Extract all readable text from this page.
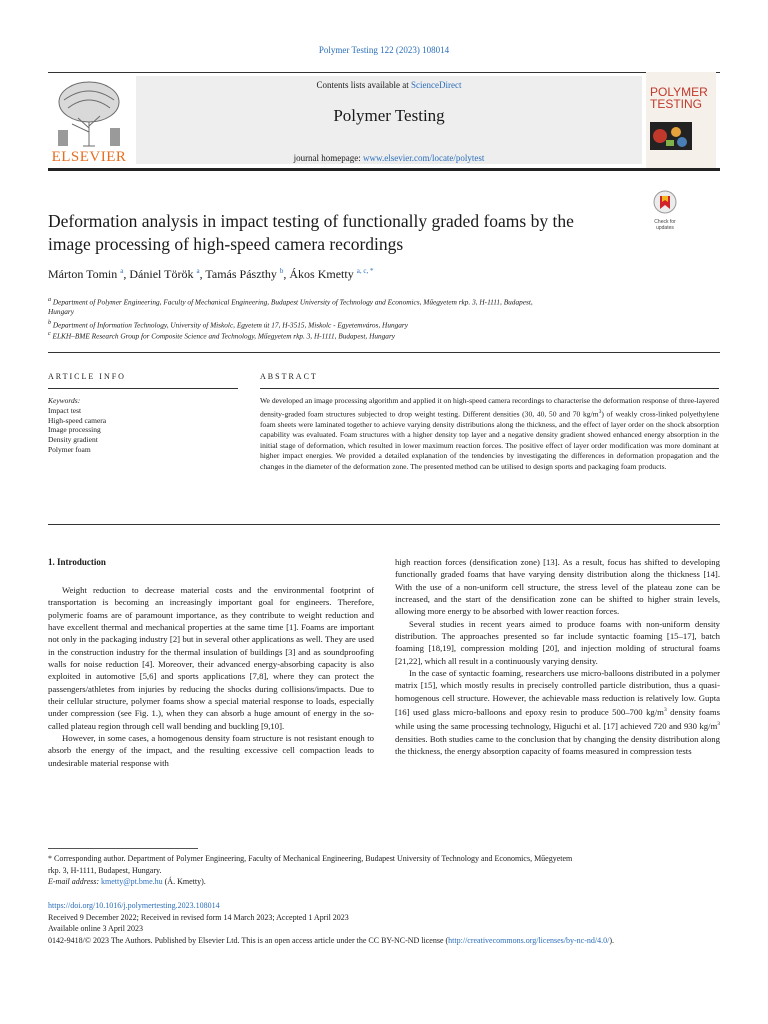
Polymer Testing 122 (2023) 108014
ELSEVIER
Contents lists available at ScienceDirect
Polymer Testing
journal homepage: www.elsevier.com/locate/polytest
POLYMER
TESTING
Deformation analysis in impact testing of functionally graded foams by the
image processing of high-speed camera recordings
Check for
updates
Márton Tomin $^a$, Dániel Török $^a$, Tamás Pászthy $^b$, Ákos Kmetty $^{a, c, *}$
$^a$ Department of Polymer Engineering, Faculty of Mechanical Engineering, Budapest University of Technology and Economics, Műegyetem rkp. 3, H-1111, Budapest,
Hungary
$^b$ Department of Information Technology, University of Miskolc, Egyetem út 17, H-3515, Miskolc - Egyetemváros, Hungary
$^c$ ELKH–BME Research Group for Composite Science and Technology, Műegyetem rkp. 3, H-1111, Budapest, Hungary
ARTICLE INFO	ABSTRACT
Keywords:
Impact test
High-speed camera
Image processing
Density gradient
Polymer foam
We developed an image processing algorithm and applied it on high-speed camera recordings to characterise the deformation response of three-layered density-graded foam structures subjected to drop weight testing. Different densities (30, 40, 50 and 70 $kg/m^3$) of weakly cross-linked polyethylene foam sheets were laminated together to achieve varying density distributions along the thickness, and the effect of layer order on the shock absorption capability was evaluated. Foam structures with a higher density top layer and a negative density gradient showed enhanced energy absorption in the initial stage of deformation, which resulted in lower maximum reaction forces. The positive effect of layer order modification was more dominant at higher impact energies. We provided a detailed explanation of the tendencies by investigating the differences in deformation propagation and the changes in the diameter of the deformation zone. The presented method can be utilised to design sports and packaging foam products.
1. Introduction

Weight reduction to decrease material costs and the environmental footprint of transportation is becoming an increasingly important goal for engineers. Therefore, polymeric foams are of paramount importance, as they contribute to weight reduction and have excellent thermal and mechanical properties at the same time [1]. Foams are important not only in the packaging industry [2] but in several other applications as well. They are used in the construction industry for the thermal insulation of buildings [3] and as soundproofing walls for noise reduction [4]. Moreover, their advanced energy-absorbing capacity is also exploited in automotive [5,6] and sports applications [7,8], where they can protect the passengers/athletes from injuries by reducing the shocks during collisions/impacts. Due to their cellular structure, polymer foams show a special material response to loads, especially under compression (see Fig. 1.), when they can absorb a huge amount of energy in the so-called plateau region through cell wall bending and buckling [9,10].

However, in some cases, a homogenous density foam structure is not resistant enough to absorb the energy of the impact, and the resulting excessive cell compaction leads to undesirable material response with

high reaction forces (densification zone) [13]. As a result, focus has shifted to developing functionally graded foams that have varying density distribution along the thickness [14]. With the use of a non-uniform cell structure, the stress level of the plateau zone can be increased, and the start of the densification zone can be shifted to higher strain levels, allowing more energy to be absorbed with lower reaction forces.

Several studies in recent years aimed to produce foams with non-uniform density distribution. The approaches presented so far include syntactic foaming [15–17], batch foaming [18,19], compression molding [20], and injection molding of structural foams [21,22], which all result in a continuously varying density.

In the case of syntactic foaming, researchers use micro-balloons distributed in a polymer matrix [15], which mostly results in precisely controlled particle distribution, thus a quasi-homogenous cell structure. However, the achievable mass reduction is relatively low. Gupta [16] used glass micro-balloons and epoxy resin to produce 500–700 $kg/m^3$ density foams while using the same processing technology, Higuchi et al. [17] achieved 720 and 930 $kg/m^3$ densities. Both studies came to the conclusion that by changing the density distribution along the thickness, the energy absorption capacity of foams measured in compression tests

* Corresponding author. Department of Polymer Engineering, Faculty of Mechanical Engineering, Budapest University of Technology and Economics, Műegyetem
rkp. 3, H-1111, Budapest, Hungary.
E-mail address: kmetty@pt.bme.hu (Á. Kmetty).
https://doi.org/10.1016/j.polymertesting.2023.108014
Received 9 December 2022; Received in revised form 14 March 2023; Accepted 1 April 2023
Available online 3 April 2023
0142-9418/© 2023 The Authors. Published by Elsevier Ltd. This is an open access article under the CC BY-NC-ND license (http://creativecommons.org/licenses/by-nc-nd/4.0/).
